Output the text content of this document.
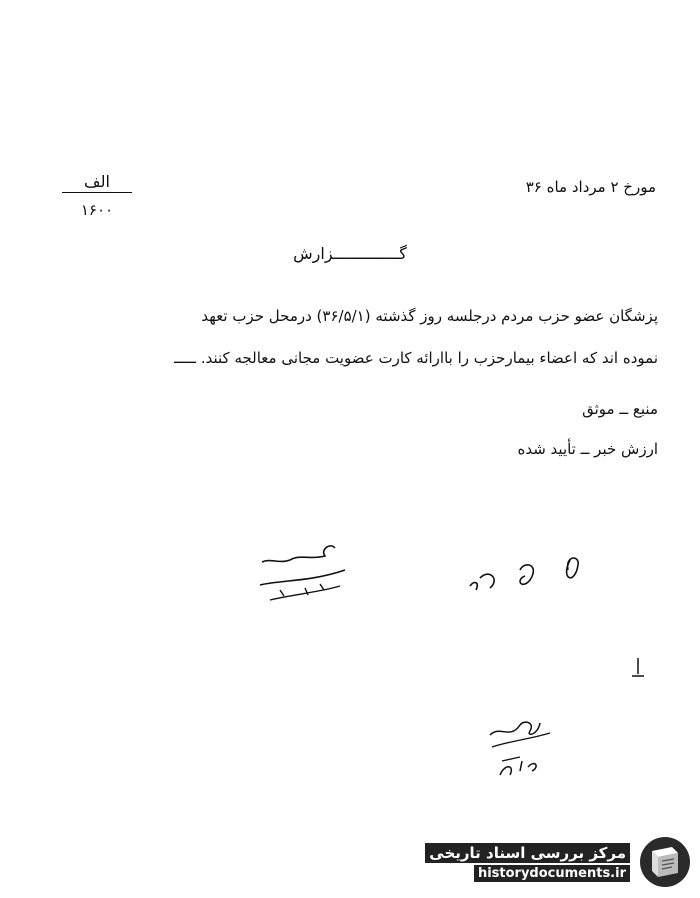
مورخ ۲ مرداد ماه ۳۶
الف
۱۶۰۰
گــــــــــــــزارش
پزشگان عضو حزب مردم درجلسه روز گذشته (۳۶/۵/۱) درمحل حزب تعهد
نموده اند که اعضاء بیمارحزب را باارائه کارت عضویت مجانی معالجه کنند. ـــــ
منبع ــ موثق
ارزش خبر ــ تأیید شده
مرکز بررسی اسناد تاریخی
historydocuments.ir
